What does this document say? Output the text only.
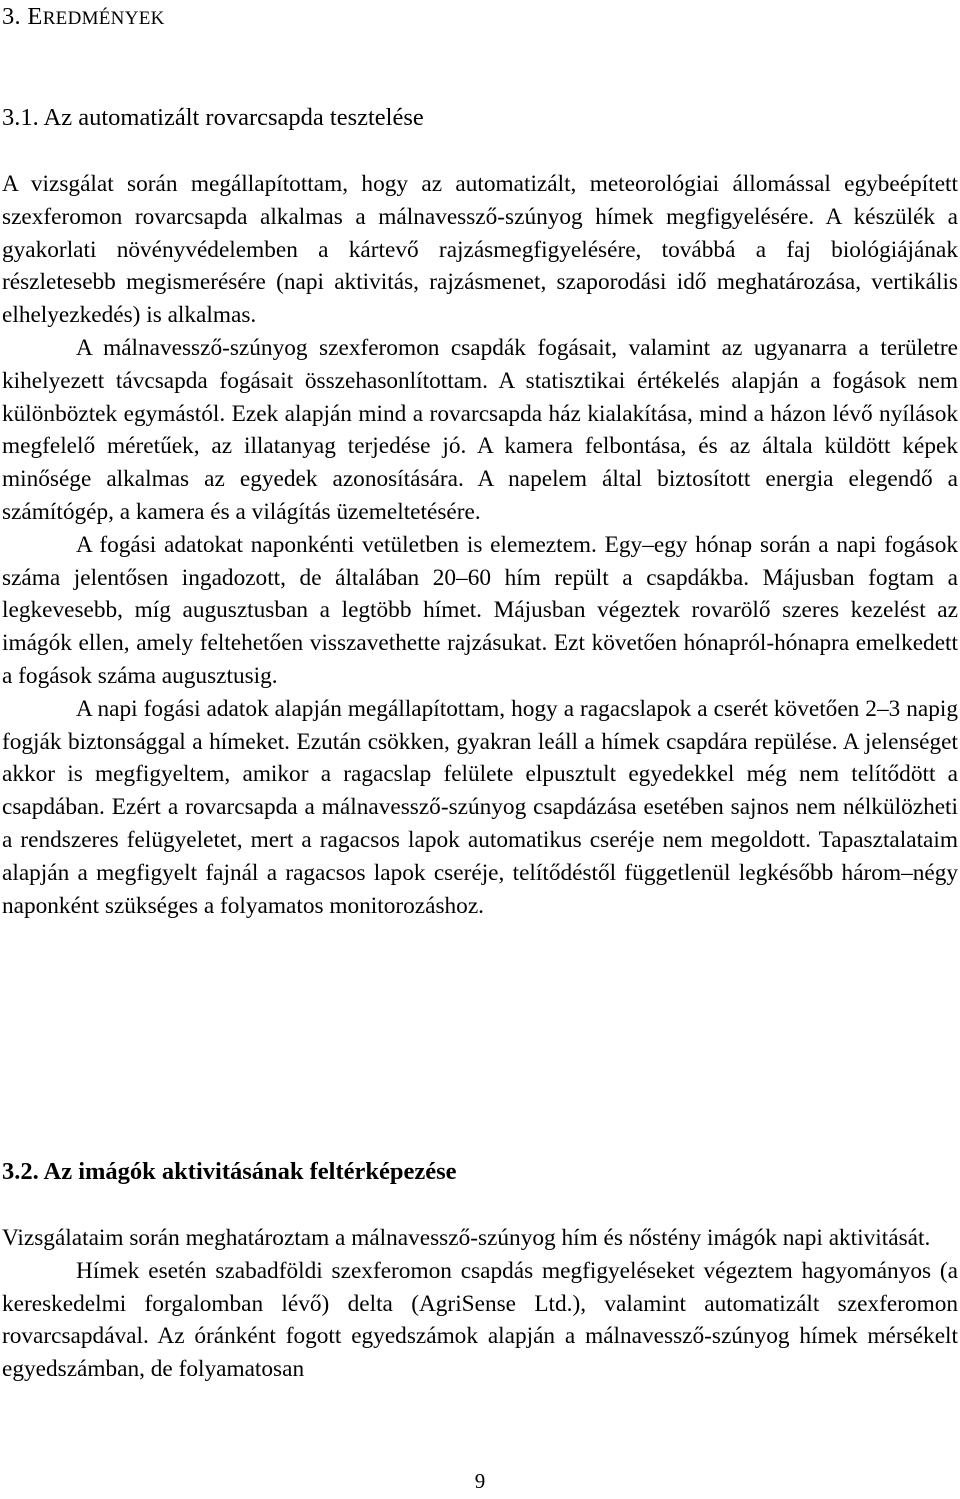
3. EREDMÉNYEK
3.1. Az automatizált rovarcsapda tesztelése

A vizsgálat során megállapítottam, hogy az automatizált, meteorológiai állomással egybeépített szexferomon rovarcsapda alkalmas a málnavessző-szúnyog hímek megfigyelésére. A készülék a gyakorlati növényvédelemben a kártevő rajzásmegfigyelésére, továbbá a faj biológiájának részletesebb megismerésére (napi aktivitás, rajzásmenet, szaporodási idő meghatározása, vertikális elhelyezkedés) is alkalmas.

A málnavessző-szúnyog szexferomon csapdák fogásait, valamint az ugyanarra a területre kihelyezett távcsapda fogásait összehasonlítottam. A statisztikai értékelés alapján a fogások nem különböztek egymástól. Ezek alapján mind a rovarcsapda ház kialakítása, mind a házon lévő nyílások megfelelő méretűek, az illatanyag terjedése jó. A kamera felbontása, és az általa küldött képek minősége alkalmas az egyedek azonosítására. A napelem által biztosított energia elegendő a számítógép, a kamera és a világítás üzemeltetésére.

A fogási adatokat naponkénti vetületben is elemeztem. Egy–egy hónap során a napi fogások száma jelentősen ingadozott, de általában 20–60 hím repült a csapdákba. Májusban fogtam a legkevesebb, míg augusztusban a legtöbb hímet. Májusban végeztek rovarölő szeres kezelést az imágók ellen, amely feltehetően visszavethette rajzásukat. Ezt követően hónapról-hónapra emelkedett a fogások száma augusztusig.

A napi fogási adatok alapján megállapítottam, hogy a ragacslapok a cserét követően 2–3 napig fogják biztonsággal a hímeket. Ezután csökken, gyakran leáll a hímek csapdára repülése. A jelenséget akkor is megfigyeltem, amikor a ragacslap felülete elpusztult egyedekkel még nem telítődött a csapdában. Ezért a rovarcsapda a málnavessző-szúnyog csapdázása esetében sajnos nem nélkülözheti a rendszeres felügyeletet, mert a ragacsos lapok automatikus cseréje nem megoldott. Tapasztalataim alapján a megfigyelt fajnál a ragacsos lapok cseréje, telítődéstől függetlenül legkésőbb három–négy naponként szükséges a folyamatos monitorozáshoz.

3.2. Az imágók aktivitásának feltérképezése

Vizsgálataim során meghatároztam a málnavessző-szúnyog hím és nőstény imágók napi aktivitását.

Hímek esetén szabadföldi szexferomon csapdás megfigyeléseket végeztem hagyományos (a kereskedelmi forgalomban lévő) delta (AgriSense Ltd.), valamint automatizált szexferomon rovarcsapdával. Az óránként fogott egyedszámok alapján a málnavessző-szúnyog hímek mérsékelt egyedszámban, de folyamatosan

9
